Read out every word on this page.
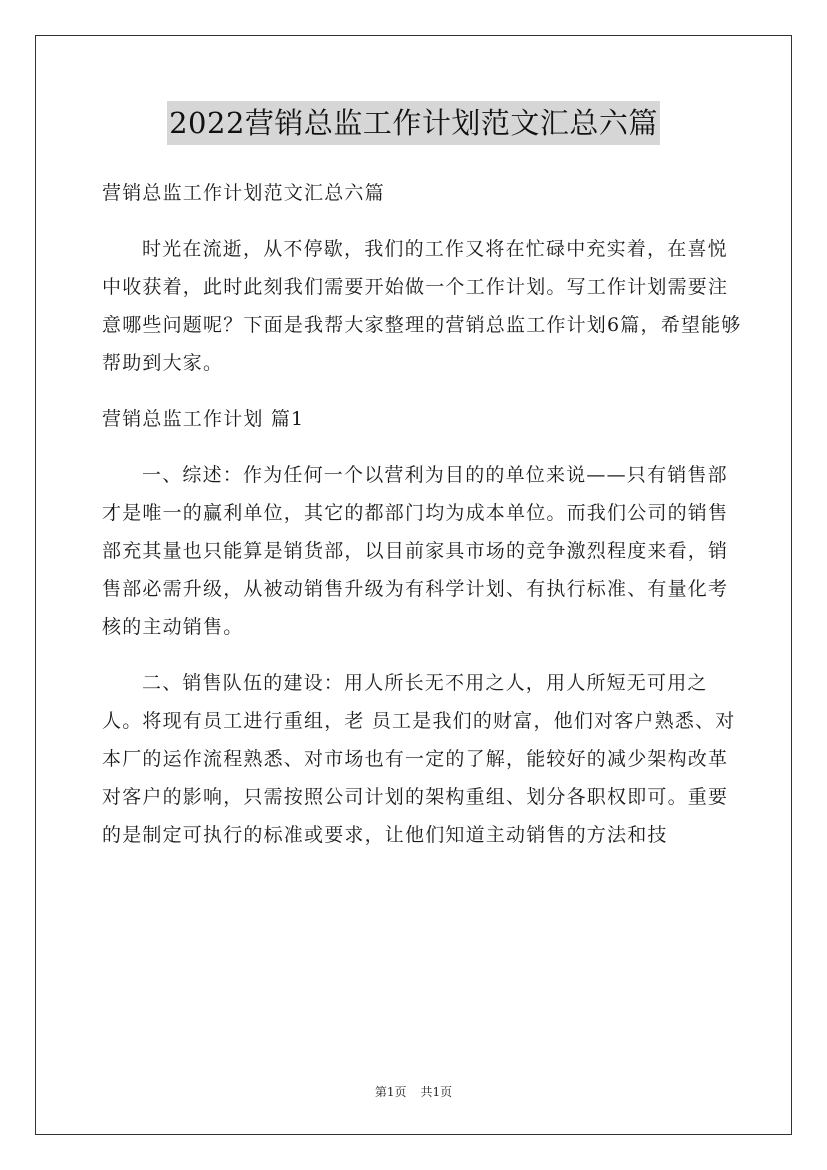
2022营销总监工作计划范文汇总六篇

营销总监工作计划范文汇总六篇

时光在流逝，从不停歇，我们的工作又将在忙碌中充实着，在喜悦中收获着，此时此刻我们需要开始做一个工作计划。写工作计划需要注意哪些问题呢？下面是我帮大家整理的营销总监工作计划6篇，希望能够帮助到大家。

营销总监工作计划 篇1

一、综述：作为任何一个以营利为目的的单位来说——只有销售部才是唯一的赢利单位，其它的都部门均为成本单位。而我们公司的销售部充其量也只能算是销货部，以目前家具市场的竞争激烈程度来看，销售部必需升级，从被动销售升级为有科学计划、有执行标准、有量化考核的主动销售。

二、销售队伍的建设：用人所长无不用之人，用人所短无可用之人。将现有员工进行重组，老 员工是我们的财富，他们对客户熟悉、对本厂的运作流程熟悉、对市场也有一定的了解，能较好的减少架构改革对客户的影响，只需按照公司计划的架构重组、划分各职权即可。重要的是制定可执行的标准或要求，让他们知道主动销售的方法和技

第1页 共1页
